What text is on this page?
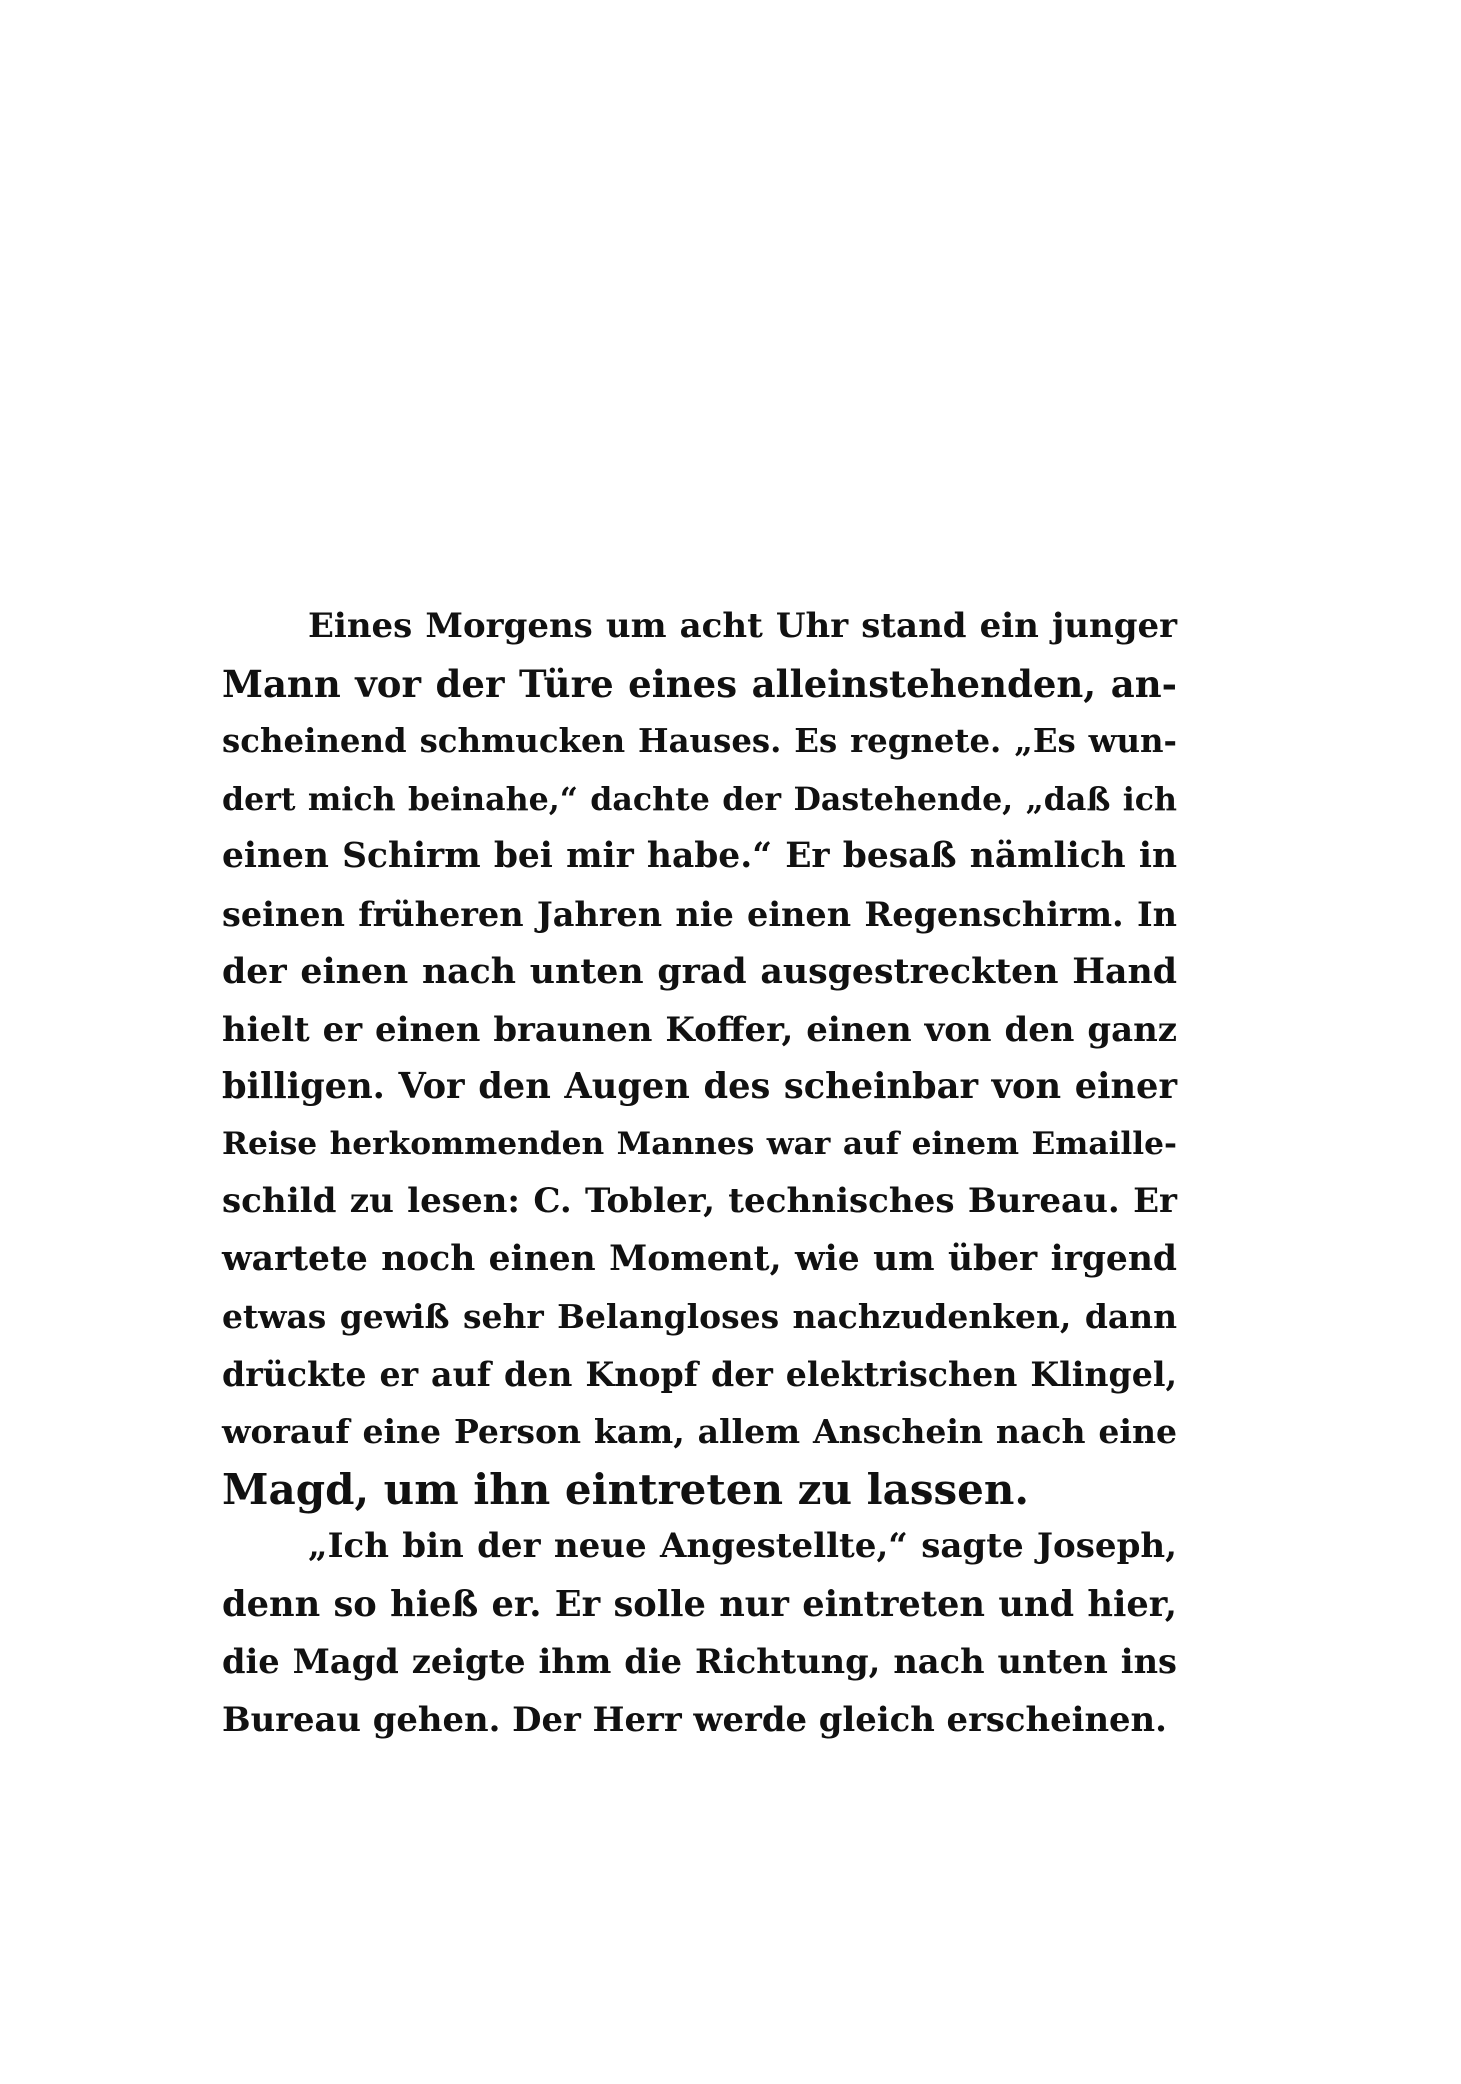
Eines Morgens um acht Uhr stand ein junger
Mann vor der Türe eines alleinstehenden, an-
scheinend schmucken Hauses. Es regnete. „Es wun-
dert mich beinahe,“ dachte der Dastehende, „daß ich
einen Schirm bei mir habe.“ Er besaß nämlich in
seinen früheren Jahren nie einen Regenschirm. In
der einen nach unten grad ausgestreckten Hand
hielt er einen braunen Koffer, einen von den ganz
billigen. Vor den Augen des scheinbar von einer
Reise herkommenden Mannes war auf einem Emaille-
schild zu lesen: C. Tobler, technisches Bureau. Er
wartete noch einen Moment, wie um über irgend
etwas gewiß sehr Belangloses nachzudenken, dann
drückte er auf den Knopf der elektrischen Klingel,
worauf eine Person kam, allem Anschein nach eine
Magd, um ihn eintreten zu lassen.
„Ich bin der neue Angestellte,“ sagte Joseph,
denn so hieß er. Er solle nur eintreten und hier,
die Magd zeigte ihm die Richtung, nach unten ins
Bureau gehen. Der Herr werde gleich erscheinen.
